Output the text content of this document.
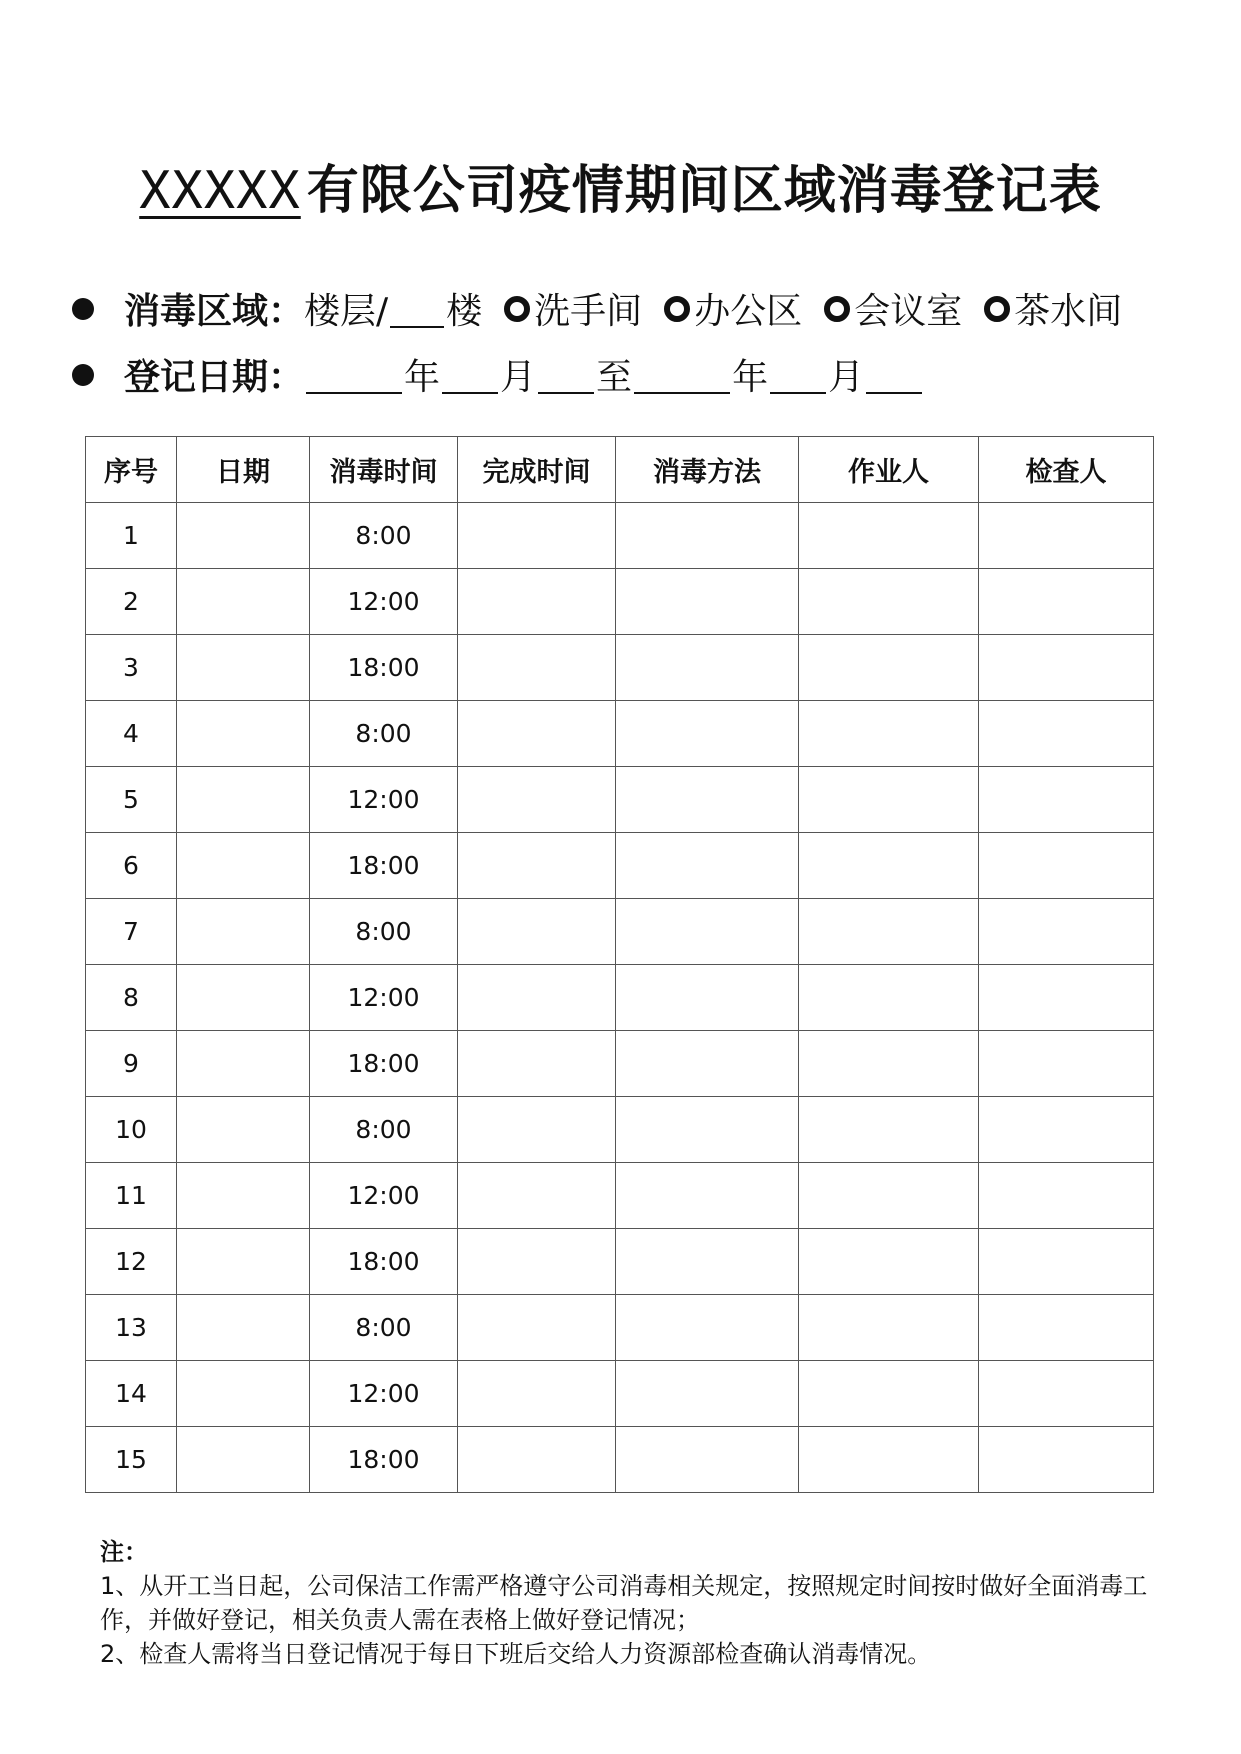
XXXXX 有限公司疫情期间区域消毒登记表
消毒区域： 楼层/ 楼 洗手间 办公区 会议室 茶水间
登记日期：	年 月 至	年 月
序号	日期	消毒时间	完成时间	消毒方法	作业人	检查人
1		8:00				
2		12:00				
3		18:00				
4		8:00				
5		12:00				
6		18:00				
7		8:00				
8		12:00				
9		18:00				
10		8:00				
11		12:00				
12		18:00				
13		8:00				
14		12:00				
15		18:00				
注：
1、从开工当日起，公司保洁工作需严格遵守公司消毒相关规定，按照规定时间按时做好全面消毒工作，并做好登记，相关负责人需在表格上做好登记情况；
2、检查人需将当日登记情况于每日下班后交给人力资源部检查确认消毒情况。
